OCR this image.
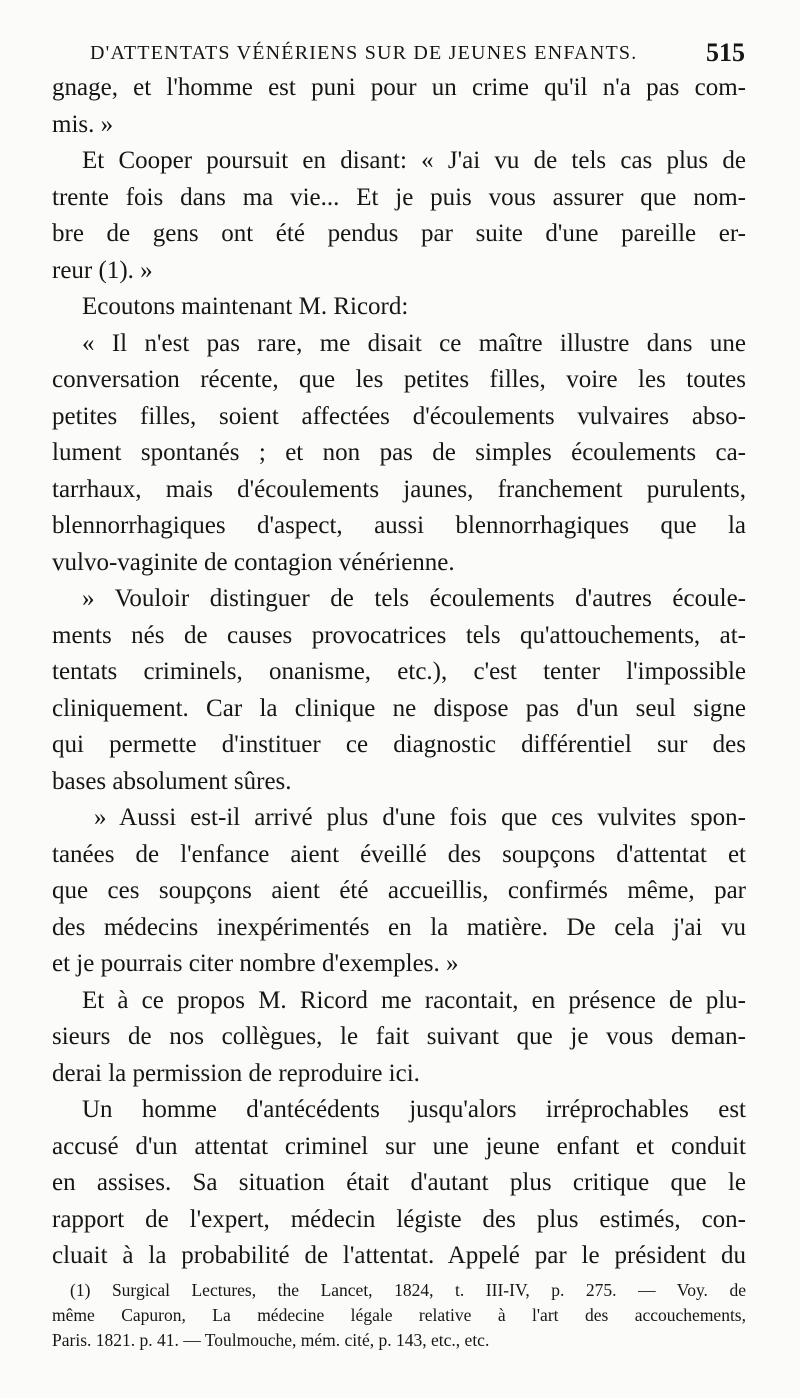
D'ATTENTATS VÉNÉRIENS SUR DE JEUNES ENFANTS.	515
gnage, et l'homme est puni pour un crime qu'il n'a pas com-
mis. »
Et Cooper poursuit en disant: « J'ai vu de tels cas plus de
trente fois dans ma vie... Et je puis vous assurer que nom-
bre de gens ont été pendus par suite d'une pareille er-
reur (1). »
Ecoutons maintenant M. Ricord:
« Il n'est pas rare, me disait ce maître illustre dans une
conversation récente, que les petites filles, voire les toutes
petites filles, soient affectées d'écoulements vulvaires abso-
lument spontanés ; et non pas de simples écoulements ca-
tarrhaux, mais d'écoulements jaunes, franchement purulents,
blennorrhagiques d'aspect, aussi blennorrhagiques que la
vulvo-vaginite de contagion vénérienne.
» Vouloir distinguer de tels écoulements d'autres écoule-
ments nés de causes provocatrices tels qu'attouchements, at-
tentats criminels, onanisme, etc.), c'est tenter l'impossible
cliniquement. Car la clinique ne dispose pas d'un seul signe
qui permette d'instituer ce diagnostic différentiel sur des
bases absolument sûres.
» Aussi est-il arrivé plus d'une fois que ces vulvites spon-
tanées de l'enfance aient éveillé des soupçons d'attentat et
que ces soupçons aient été accueillis, confirmés même, par
des médecins inexpérimentés en la matière. De cela j'ai vu
et je pourrais citer nombre d'exemples. »
Et à ce propos M. Ricord me racontait, en présence de plu-
sieurs de nos collègues, le fait suivant que je vous deman-
derai la permission de reproduire ici.
Un homme d'antécédents jusqu'alors irréprochables est
accusé d'un attentat criminel sur une jeune enfant et conduit
en assises. Sa situation était d'autant plus critique que le
rapport de l'expert, médecin légiste des plus estimés, con-
cluait à la probabilité de l'attentat. Appelé par le président du
(1) Surgical Lectures, the Lancet, 1824, t. III-IV, p. 275. — Voy. de
même Capuron, La médecine légale relative à l'art des accouchements,
Paris. 1821. p. 41. — Toulmouche, mém. cité, p. 143, etc., etc.
